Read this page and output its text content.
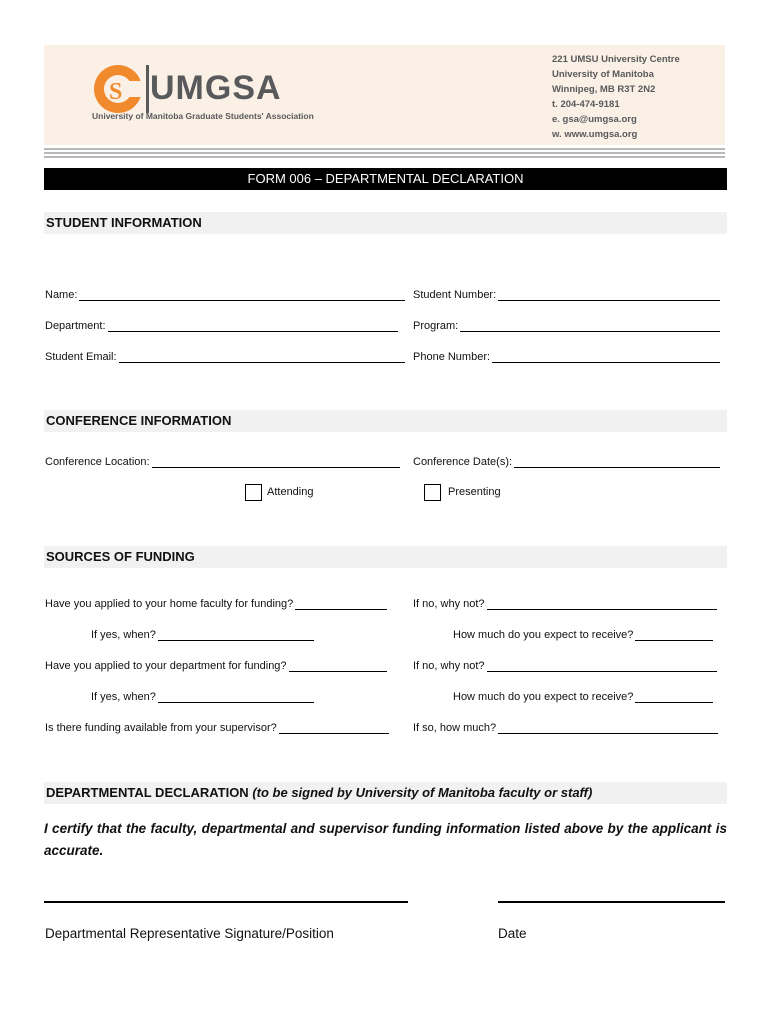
S UMGSA
University of Manitoba Graduate Students' Association
221 UMSU University Centre
University of Manitoba
Winnipeg, MB R3T 2N2
t. 204-474-9181
e. gsa@umgsa.org
w. www.umgsa.org
FORM 006 – DEPARTMENTAL DECLARATION
STUDENT INFORMATION
Name:	Student Number:
Department:	Program:
Student Email:	Phone Number:
CONFERENCE INFORMATION
Conference Location:	Conference Date(s):
Attending	Presenting
SOURCES OF FUNDING
Have you applied to your home faculty for funding?	If no, why not?
If yes, when?	How much do you expect to receive?
Have you applied to your department for funding?	If no, why not?
If yes, when?	How much do you expect to receive?
Is there funding available from your supervisor?	If so, how much?
DEPARTMENTAL DECLARATION (to be signed by University of Manitoba faculty or staff)
I certify that the faculty, departmental and supervisor funding information listed above by the applicant is accurate.
Departmental Representative Signature/Position	Date
